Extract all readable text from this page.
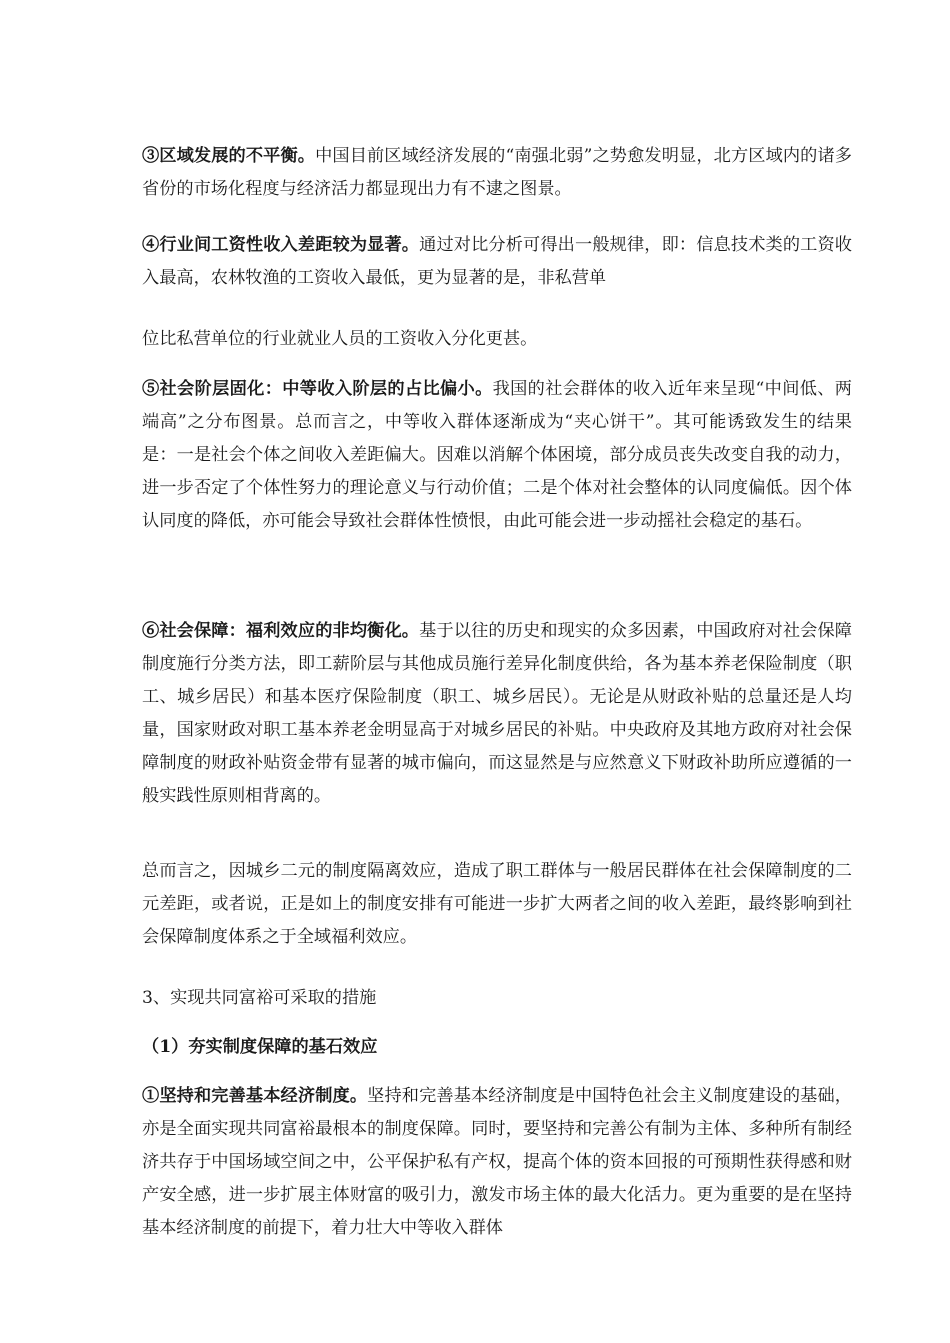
③区域发展的不平衡。中国目前区域经济发展的“南强北弱”之势愈发明显，北方区域内的诸多省份的市场化程度与经济活力都显现出力有不逮之图景。

④行业间工资性收入差距较为显著。通过对比分析可得出一般规律，即：信息技术类的工资收入最高，农林牧渔的工资收入最低，更为显著的是，非私营单

位比私营单位的行业就业人员的工资收入分化更甚。

⑤社会阶层固化：中等收入阶层的占比偏小。我国的社会群体的收入近年来呈现“中间低、两端高”之分布图景。总而言之，中等收入群体逐渐成为“夹心饼干”。其可能诱致发生的结果是：一是社会个体之间收入差距偏大。因难以消解个体困境，部分成员丧失改变自我的动力，进一步否定了个体性努力的理论意义与行动价值；二是个体对社会整体的认同度偏低。因个体认同度的降低，亦可能会导致社会群体性愤恨，由此可能会进一步动摇社会稳定的基石。

⑥社会保障：福利效应的非均衡化。基于以往的历史和现实的众多因素，中国政府对社会保障制度施行分类方法，即工薪阶层与其他成员施行差异化制度供给，各为基本养老保险制度（职工、城乡居民）和基本医疗保险制度（职工、城乡居民）。无论是从财政补贴的总量还是人均量，国家财政对职工基本养老金明显高于对城乡居民的补贴。中央政府及其地方政府对社会保障制度的财政补贴资金带有显著的城市偏向，而这显然是与应然意义下财政补助所应遵循的一般实践性原则相背离的。

总而言之，因城乡二元的制度隔离效应，造成了职工群体与一般居民群体在社会保障制度的二元差距，或者说，正是如上的制度安排有可能进一步扩大两者之间的收入差距，最终影响到社会保障制度体系之于全域福利效应。

3、实现共同富裕可采取的措施

（1）夯实制度保障的基石效应

①坚持和完善基本经济制度。坚持和完善基本经济制度是中国特色社会主义制度建设的基础，亦是全面实现共同富裕最根本的制度保障。同时，要坚持和完善公有制为主体、多种所有制经济共存于中国场域空间之中，公平保护私有产权，提高个体的资本回报的可预期性获得感和财产安全感，进一步扩展主体财富的吸引力，激发市场主体的最大化活力。更为重要的是在坚持基本经济制度的前提下，着力壮大中等收入群体
